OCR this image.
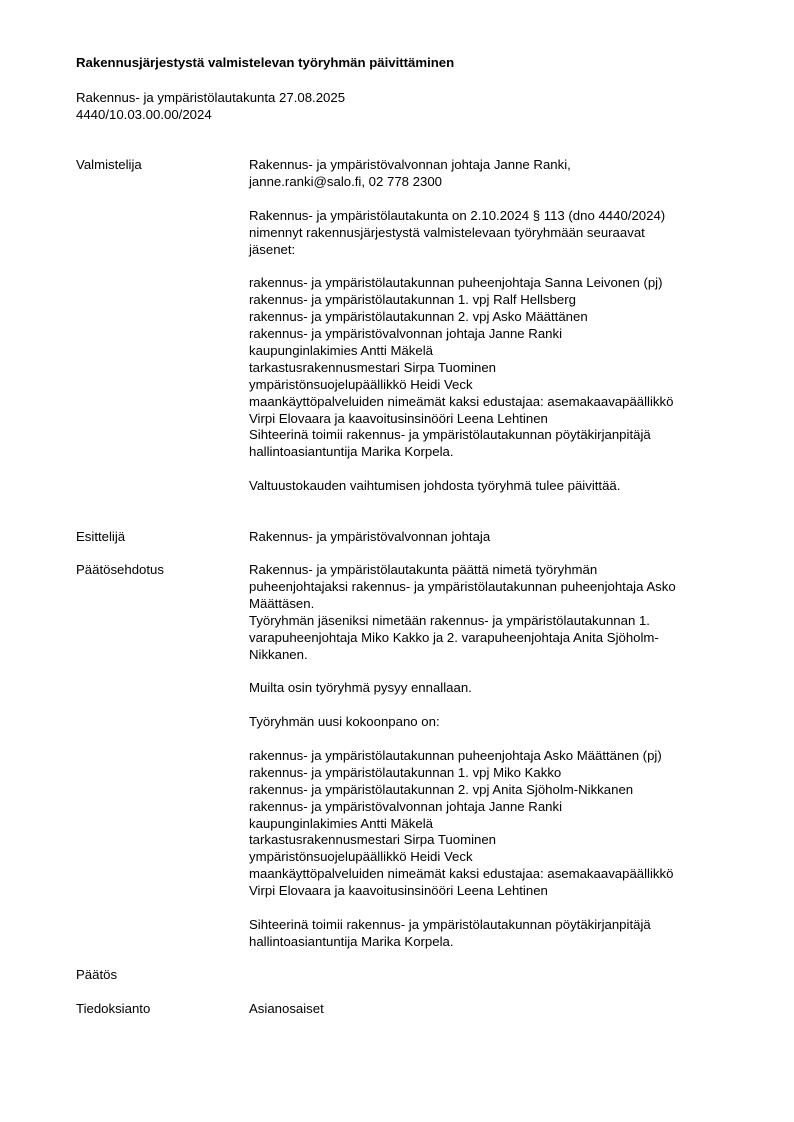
Rakennusjärjestystä valmistelevan työryhmän päivittäminen
Rakennus- ja ympäristölautakunta 27.08.2025
4440/10.03.00.00/2024
Valmistelija	Rakennus- ja ympäristövalvonnan johtaja Janne Ranki,
janne.ranki@salo.fi, 02 778 2300
Rakennus- ja ympäristölautakunta on 2.10.2024 § 113 (dno 4440/2024)
nimennyt rakennusjärjestystä valmistelevaan työryhmään seuraavat
jäsenet:
rakennus- ja ympäristölautakunnan puheenjohtaja Sanna Leivonen (pj)
rakennus- ja ympäristölautakunnan 1. vpj Ralf Hellsberg
rakennus- ja ympäristölautakunnan 2. vpj Asko Määttänen
rakennus- ja ympäristövalvonnan johtaja Janne Ranki
kaupunginlakimies Antti Mäkelä
tarkastusrakennusmestari Sirpa Tuominen
ympäristönsuojelupäällikkö Heidi Veck
maankäyttöpalveluiden nimeämät kaksi edustajaa: asemakaavapäällikkö
Virpi Elovaara ja kaavoitusinsinööri Leena Lehtinen
Sihteerinä toimii rakennus- ja ympäristölautakunnan pöytäkirjanpitäjä
hallintoasiantuntija Marika Korpela.
Valtuustokauden vaihtumisen johdosta työryhmä tulee päivittää.
Esittelijä	Rakennus- ja ympäristövalvonnan johtaja
Päätösehdotus	Rakennus- ja ympäristölautakunta päättä nimetä työryhmän
puheenjohtajaksi rakennus- ja ympäristölautakunnan puheenjohtaja Asko
Määttäsen.
Työryhmän jäseniksi nimetään rakennus- ja ympäristölautakunnan 1.
varapuheenjohtaja Miko Kakko ja 2. varapuheenjohtaja Anita Sjöholm-
Nikkanen.
Muilta osin työryhmä pysyy ennallaan.
Työryhmän uusi kokoonpano on:
rakennus- ja ympäristölautakunnan puheenjohtaja Asko Määttänen (pj)
rakennus- ja ympäristölautakunnan 1. vpj Miko Kakko
rakennus- ja ympäristölautakunnan 2. vpj Anita Sjöholm-Nikkanen
rakennus- ja ympäristövalvonnan johtaja Janne Ranki
kaupunginlakimies Antti Mäkelä
tarkastusrakennusmestari Sirpa Tuominen
ympäristönsuojelupäällikkö Heidi Veck
maankäyttöpalveluiden nimeämät kaksi edustajaa: asemakaavapäällikkö
Virpi Elovaara ja kaavoitusinsinööri Leena Lehtinen
Sihteerinä toimii rakennus- ja ympäristölautakunnan pöytäkirjanpitäjä
hallintoasiantuntija Marika Korpela.
Päätös
Tiedoksianto	Asianosaiset
